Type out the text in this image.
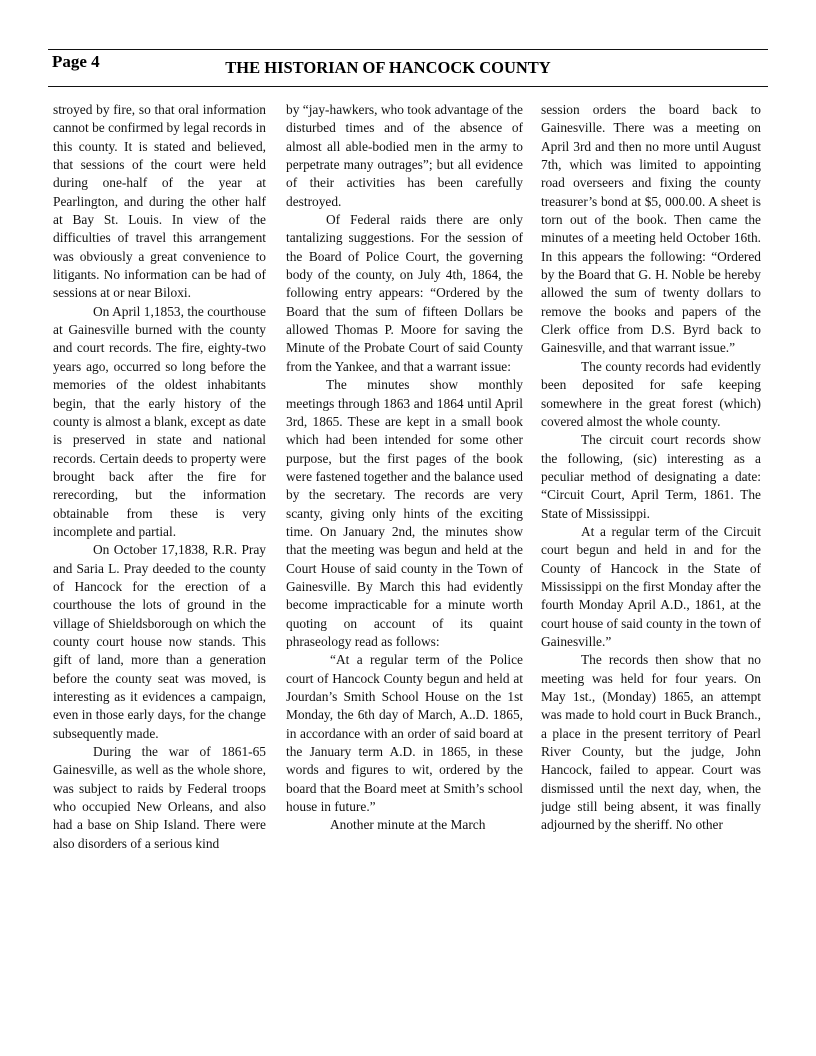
Page 4	THE HISTORIAN OF HANCOCK COUNTY

stroyed by fire, so that oral information cannot be confirmed by legal records in this county. It is stated and believed, that sessions of the court were held during one-half of the year at Pearlington, and during the other half at Bay St. Louis. In view of the difficulties of travel this arrangement was obviously a great convenience to litigants. No information can be had of sessions at or near Biloxi.

On April 1,1853, the courthouse at Gainesville burned with the county and court records. The fire, eighty-two years ago, occurred so long before the memories of the oldest inhabitants begin, that the early history of the county is almost a blank, except as date is preserved in state and national records. Certain deeds to property were brought back after the fire for rerecording, but the information obtainable from these is very incomplete and partial.

On October 17,1838, R.R. Pray and Saria L. Pray deeded to the county of Hancock for the erection of a courthouse the lots of ground in the village of Shieldsborough on which the county court house now stands. This gift of land, more than a generation before the county seat was moved, is interesting as it evidences a campaign, even in those early days, for the change subsequently made.

During the war of 1861-65 Gainesville, as well as the whole shore, was subject to raids by Federal troops who occupied New Orleans, and also had a base on Ship Island. There were also disorders of a serious kind

by “jay-hawkers, who took advantage of the disturbed times and of the absence of almost all able-bodied men in the army to perpetrate many outrages”; but all evidence of their activities has been carefully destroyed.

Of Federal raids there are only tantalizing suggestions. For the session of the Board of Police Court, the governing body of the county, on July 4th, 1864, the following entry appears: “Ordered by the Board that the sum of fifteen Dollars be allowed Thomas P. Moore for saving the Minute of the Probate Court of said County from the Yankee, and that a warrant issue:

The minutes show monthly meetings through 1863 and 1864 until April 3rd, 1865. These are kept in a small book which had been intended for some other purpose, but the first pages of the book were fastened together and the balance used by the secretary. The records are very scanty, giving only hints of the exciting time. On January 2nd, the minutes show that the meeting was begun and held at the Court House of said county in the Town of Gainesville. By March this had evidently become impracticable for a minute worth quoting on account of its quaint phraseology read as follows:

“At a regular term of the Police court of Hancock County begun and held at Jourdan’s Smith School House on the 1st Monday, the 6th day of March, A..D. 1865, in accordance with an order of said board at the January term A.D. in 1865, in these words and figures to wit, ordered by the board that the Board meet at Smith’s school house in future.”

Another minute at the March

session orders the board back to Gainesville. There was a meeting on April 3rd and then no more until August 7th, which was limited to appointing road overseers and fixing the county treasurer’s bond at $5, 000.00. A sheet is torn out of the book. Then came the minutes of a meeting held October 16th. In this appears the following: “Ordered by the Board that G. H. Noble be hereby allowed the sum of twenty dollars to remove the books and papers of the Clerk office from D.S. Byrd back to Gainesville, and that warrant issue.”

The county records had evidently been deposited for safe keeping somewhere in the great forest (which) covered almost the whole county.

The circuit court records show the following, (sic) interesting as a peculiar method of designating a date: “Circuit Court, April Term, 1861. The State of Mississippi.

At a regular term of the Circuit court begun and held in and for the County of Hancock in the State of Mississippi on the first Monday after the fourth Monday April A.D., 1861, at the court house of said county in the town of Gainesville.”

The records then show that no meeting was held for four years. On May 1st., (Monday) 1865, an attempt was made to hold court in Buck Branch., a place in the present territory of Pearl River County, but the judge, John Hancock, failed to appear. Court was dismissed until the next day, when, the judge still being absent, it was finally adjourned by the sheriff. No other
